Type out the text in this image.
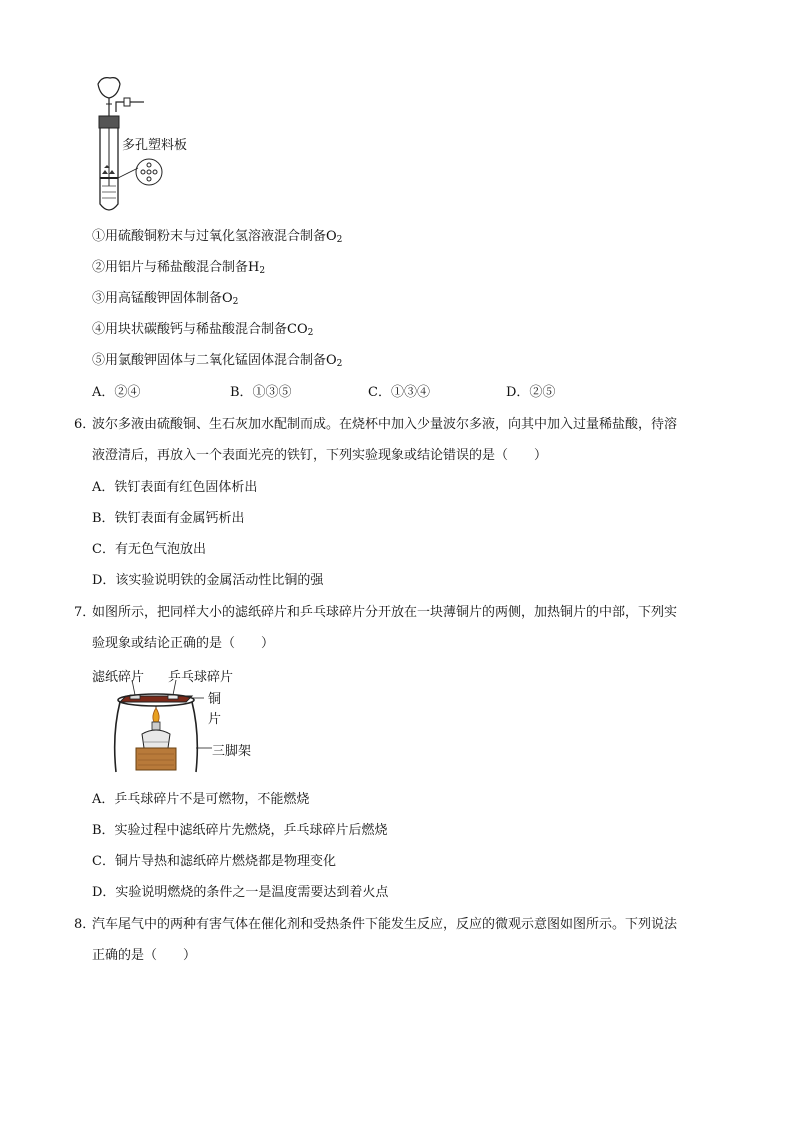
多孔塑料板
①用硫酸铜粉末与过氧化氢溶液混合制备$O_2$
②用铝片与稀盐酸混合制备$H_2$
③用高锰酸钾固体制备$O_2$
④用块状碳酸钙与稀盐酸混合制备$CO_2$
⑤用氯酸钾固体与二氧化锰固体混合制备$O_2$
A．②④	B．①③⑤	C．①③④	D．②⑤
6．
波尔多液由硫酸铜、生石灰加水配制而成。在烧杯中加入少量波尔多液，向其中加入过量稀盐酸，待溶
液澄清后，再放入一个表面光亮的铁钉，下列实验现象或结论错误的是（　　）
A．铁钉表面有红色固体析出
B．铁钉表面有金属钙析出
C．有无色气泡放出
D．该实验说明铁的金属活动性比铜的强
7．
如图所示，把同样大小的滤纸碎片和乒乓球碎片分开放在一块薄铜片的两侧，加热铜片的中部，下列实
验现象或结论正确的是（　　）
滤纸碎片 乒乓球碎片
铜
片
三脚架
A．乒乓球碎片不是可燃物，不能燃烧
B．实验过程中滤纸碎片先燃烧，乒乓球碎片后燃烧
C．铜片导热和滤纸碎片燃烧都是物理变化
D．实验说明燃烧的条件之一是温度需要达到着火点
8．
汽车尾气中的两种有害气体在催化剂和受热条件下能发生反应，反应的微观示意图如图所示。下列说法
正确的是（　　）
